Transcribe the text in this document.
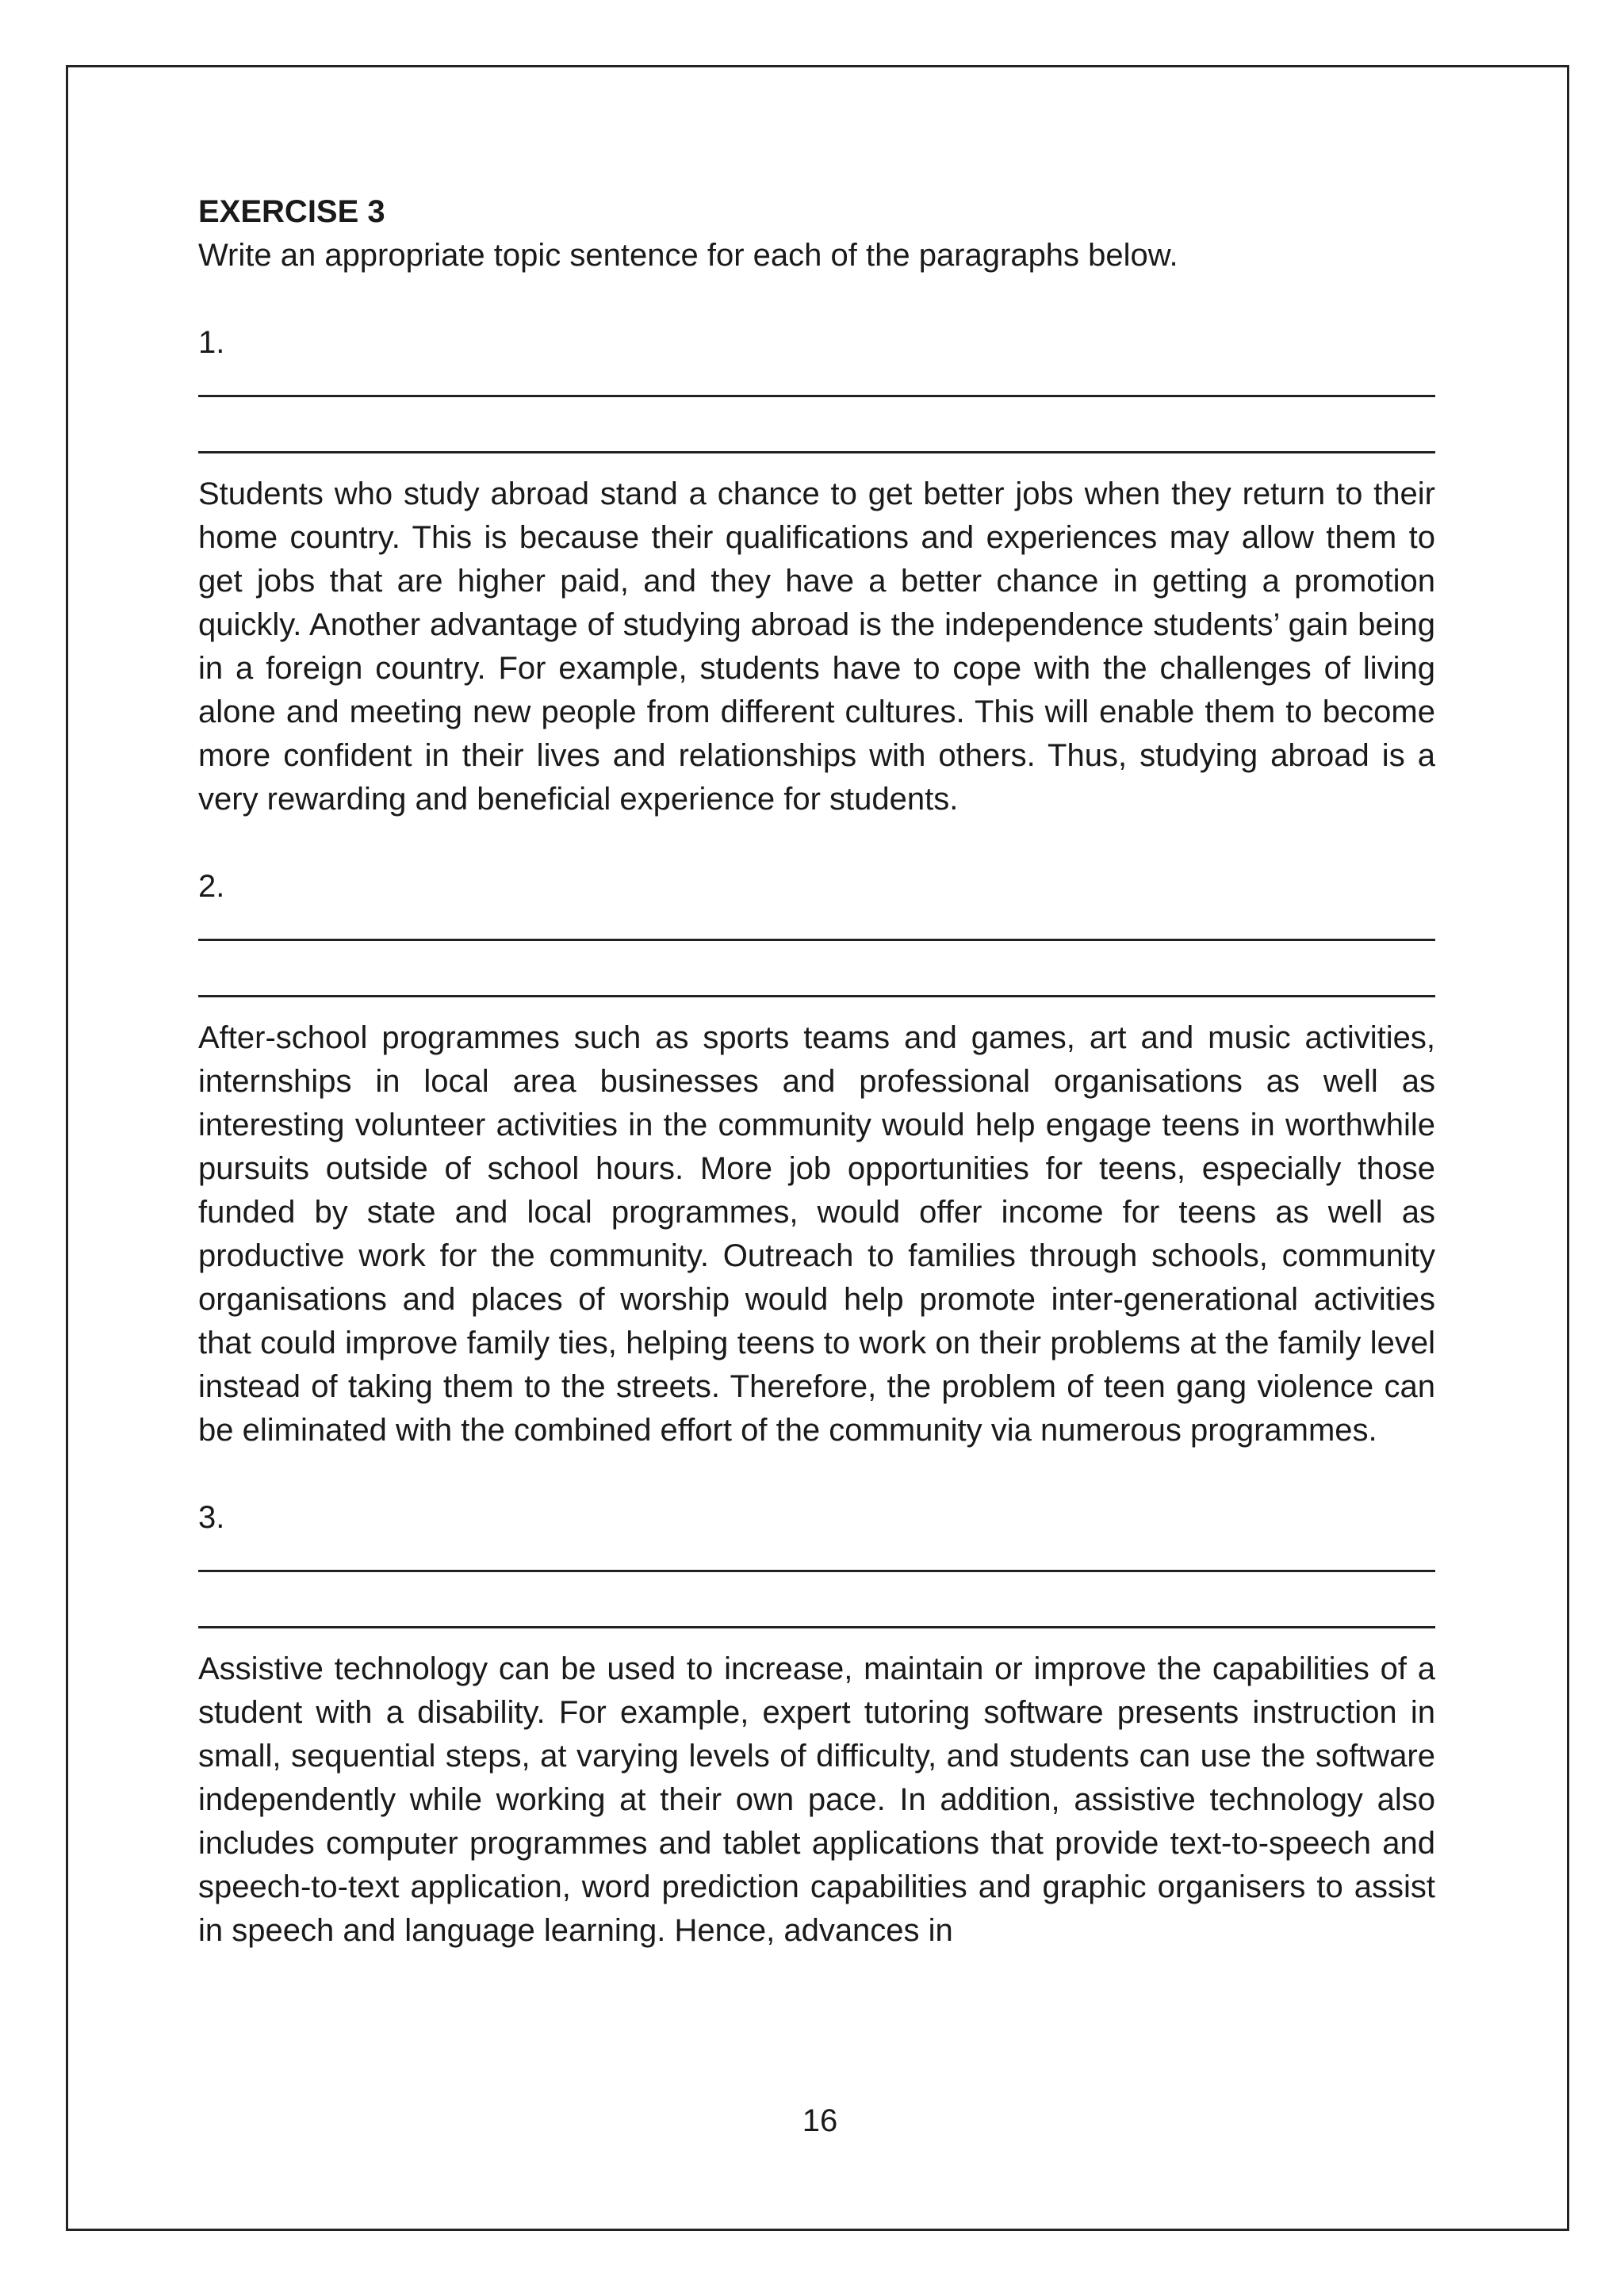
EXERCISE 3

Write an appropriate topic sentence for each of the paragraphs below.

1.

Students who study abroad stand a chance to get better jobs when they return to their home country. This is because their qualifications and experiences may allow them to get jobs that are higher paid, and they have a better chance in getting a promotion quickly. Another advantage of studying abroad is the independence students’ gain being in a foreign country. For example, students have to cope with the challenges of living alone and meeting new people from different cultures. This will enable them to become more confident in their lives and relationships with others. Thus, studying abroad is a very rewarding and beneficial experience for students.

2.

After-school programmes such as sports teams and games, art and music activities, internships in local area businesses and professional organisations as well as interesting volunteer activities in the community would help engage teens in worthwhile pursuits outside of school hours. More job opportunities for teens, especially those funded by state and local programmes, would offer income for teens as well as productive work for the community. Outreach to families through schools, community organisations and places of worship would help promote inter-generational activities that could improve family ties, helping teens to work on their problems at the family level instead of taking them to the streets. Therefore, the problem of teen gang violence can be eliminated with the combined effort of the community via numerous programmes.

3.

Assistive technology can be used to increase, maintain or improve the capabilities of a student with a disability. For example, expert tutoring software presents instruction in small, sequential steps, at varying levels of difficulty, and students can use the software independently while working at their own pace. In addition, assistive technology also includes computer programmes and tablet applications that provide text-to-speech and speech-to-text application, word prediction capabilities and graphic organisers to assist in speech and language learning. Hence, advances in

16
